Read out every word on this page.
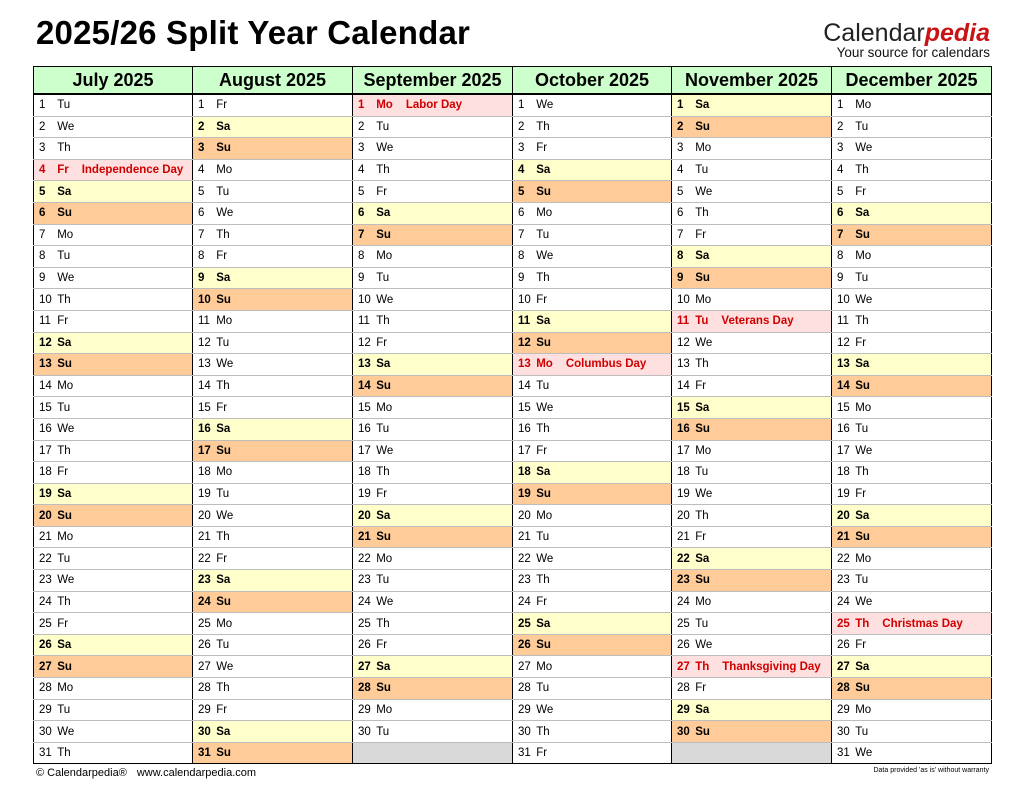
2025/26 Split Year Calendar	Calendarpedia
Your source for calendars
July 2025	August 2025	September 2025	October 2025	November 2025	December 2025
1 Tu	1 Fr	1 Mo Labor Day	1 We	1 Sa	1 Mo
2 We	2 Sa	2 Tu	2 Th	2 Su	2 Tu
3 Th	3 Su	3 We	3 Fr	3 Mo	3 We
4 Fr Independence Day	4 Mo	4 Th	4 Sa	4 Tu	4 Th
5 Sa	5 Tu	5 Fr	5 Su	5 We	5 Fr
6 Su	6 We	6 Sa	6 Mo	6 Th	6 Sa
7 Mo	7 Th	7 Su	7 Tu	7 Fr	7 Su
8 Tu	8 Fr	8 Mo	8 We	8 Sa	8 Mo
9 We	9 Sa	9 Tu	9 Th	9 Su	9 Tu
10 Th	10 Su	10 We	10 Fr	10 Mo	10 We
11 Fr	11 Mo	11 Th	11 Sa	11 Tu Veterans Day	11 Th
12 Sa	12 Tu	12 Fr	12 Su	12 We	12 Fr
13 Su	13 We	13 Sa	13 Mo Columbus Day	13 Th	13 Sa
14 Mo	14 Th	14 Su	14 Tu	14 Fr	14 Su
15 Tu	15 Fr	15 Mo	15 We	15 Sa	15 Mo
16 We	16 Sa	16 Tu	16 Th	16 Su	16 Tu
17 Th	17 Su	17 We	17 Fr	17 Mo	17 We
18 Fr	18 Mo	18 Th	18 Sa	18 Tu	18 Th
19 Sa	19 Tu	19 Fr	19 Su	19 We	19 Fr
20 Su	20 We	20 Sa	20 Mo	20 Th	20 Sa
21 Mo	21 Th	21 Su	21 Tu	21 Fr	21 Su
22 Tu	22 Fr	22 Mo	22 We	22 Sa	22 Mo
23 We	23 Sa	23 Tu	23 Th	23 Su	23 Tu
24 Th	24 Su	24 We	24 Fr	24 Mo	24 We
25 Fr	25 Mo	25 Th	25 Sa	25 Tu	25 Th Christmas Day
26 Sa	26 Tu	26 Fr	26 Su	26 We	26 Fr
27 Su	27 We	27 Sa	27 Mo	27 Th Thanksgiving Day	27 Sa
28 Mo	28 Th	28 Su	28 Tu	28 Fr	28 Su
29 Tu	29 Fr	29 Mo	29 We	29 Sa	29 Mo
30 We	30 Sa	30 Tu	30 Th	30 Su	30 Tu
31 Th	31 Su		31 Fr		31 We
© Calendarpedia® www.calendarpedia.com	Data provided 'as is' without warranty
